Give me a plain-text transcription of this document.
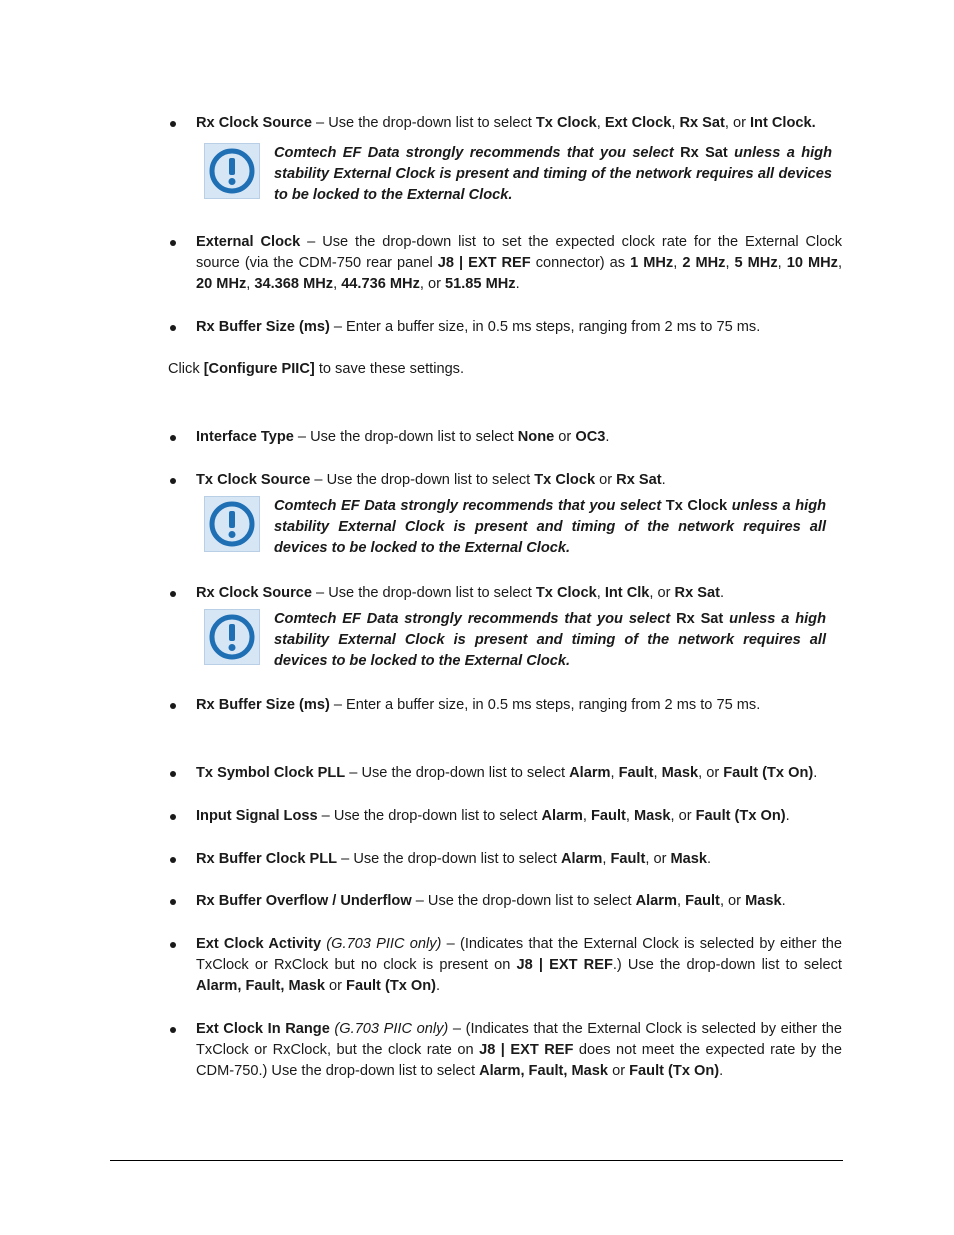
Rx Clock Source – Use the drop-down list to select Tx Clock, Ext Clock, Rx Sat, or Int Clock.
Comtech EF Data strongly recommends that you select Rx Sat unless a high stability External Clock is present and timing of the network requires all devices to be locked to the External Clock.
External Clock – Use the drop-down list to set the expected clock rate for the External Clock source (via the CDM-750 rear panel J8 | EXT REF connector) as 1 MHz, 2 MHz, 5 MHz, 10 MHz, 20 MHz, 34.368 MHz, 44.736 MHz, or 51.85 MHz.
Rx Buffer Size (ms) – Enter a buffer size, in 0.5 ms steps, ranging from 2 ms to 75 ms.
Click [Configure PIIC] to save these settings.
Interface Type – Use the drop-down list to select None or OC3.
Tx Clock Source – Use the drop-down list to select Tx Clock or Rx Sat.
Comtech EF Data strongly recommends that you select Tx Clock unless a high stability External Clock is present and timing of the network requires all devices to be locked to the External Clock.
Rx Clock Source – Use the drop-down list to select Tx Clock, Int Clk, or Rx Sat.
Comtech EF Data strongly recommends that you select Rx Sat unless a high stability External Clock is present and timing of the network requires all devices to be locked to the External Clock.
Rx Buffer Size (ms) – Enter a buffer size, in 0.5 ms steps, ranging from 2 ms to 75 ms.
Tx Symbol Clock PLL – Use the drop-down list to select Alarm, Fault, Mask, or Fault (Tx On).
Input Signal Loss – Use the drop-down list to select Alarm, Fault, Mask, or Fault (Tx On).
Rx Buffer Clock PLL – Use the drop-down list to select Alarm, Fault, or Mask.
Rx Buffer Overflow / Underflow – Use the drop-down list to select Alarm, Fault, or Mask.
Ext Clock Activity (G.703 PIIC only) – (Indicates that the External Clock is selected by either the TxClock or RxClock but no clock is present on J8 | EXT REF.) Use the drop-down list to select Alarm, Fault, Mask or Fault (Tx On).
Ext Clock In Range (G.703 PIIC only) – (Indicates that the External Clock is selected by either the TxClock or RxClock, but the clock rate on J8 | EXT REF does not meet the expected rate by the CDM-750.) Use the drop-down list to select Alarm, Fault, Mask or Fault (Tx On).
